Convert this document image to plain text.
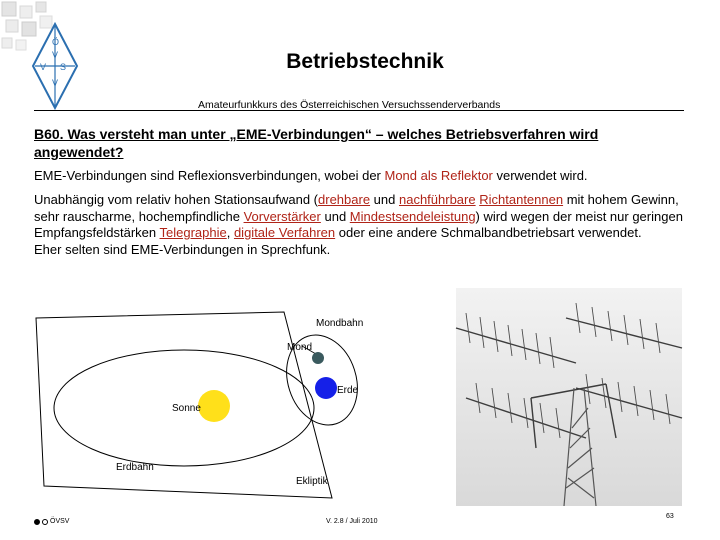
Ö
V
V S
V
Betriebstechnik
Amateurfunkkurs des Österreichischen Versuchssenderverbands
B60. Was versteht man unter „EME-Verbindungen“ – welches Betriebsverfahren wird angewendet?
EME-Verbindungen sind Reflexionsverbindungen, wobei der Mond als Reflektor verwendet wird.
Unabhängig vom relativ hohen Stationsaufwand (drehbare und nachführbare Richtantennen mit hohem Gewinn, sehr rauscharme, hochempfindliche Vorverstärker und Mindestsendeleistung) wird wegen der meist nur geringen Empfangsfeldstärken Telegraphie, digitale Verfahren oder eine andere Schmalbandbetriebsart verwendet.
Eher selten sind EME-Verbindungen in Sprechfunk.
Mondbahn
Mond
Erde
Sonne
Erdbahn
Ekliptik
ÖVSV	V. 2.8 / Juli 2010
63
